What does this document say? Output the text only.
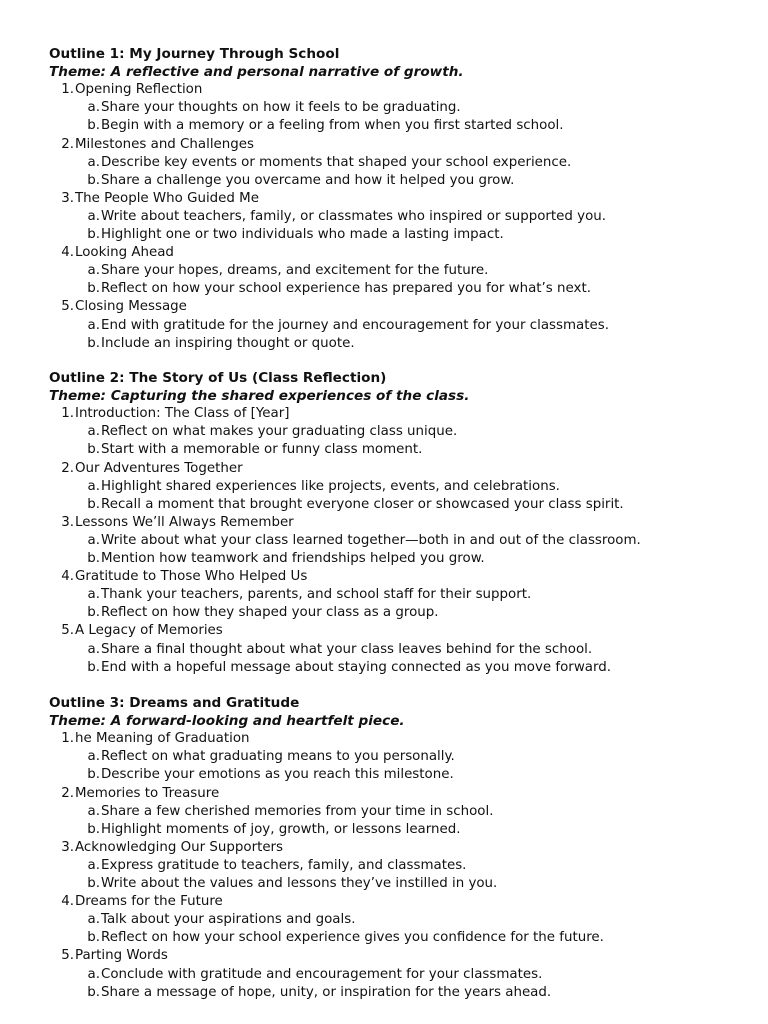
Outline 1: My Journey Through School
Theme: A reflective and personal narrative of growth.
1. Opening Reflection
a. Share your thoughts on how it feels to be graduating.
b. Begin with a memory or a feeling from when you first started school.
2. Milestones and Challenges
a. Describe key events or moments that shaped your school experience.
b. Share a challenge you overcame and how it helped you grow.
3. The People Who Guided Me
a. Write about teachers, family, or classmates who inspired or supported you.
b. Highlight one or two individuals who made a lasting impact.
4. Looking Ahead
a. Share your hopes, dreams, and excitement for the future.
b. Reflect on how your school experience has prepared you for what’s next.
5. Closing Message
a. End with gratitude for the journey and encouragement for your classmates.
b. Include an inspiring thought or quote.
Outline 2: The Story of Us (Class Reflection)
Theme: Capturing the shared experiences of the class.
1. Introduction: The Class of [Year]
a. Reflect on what makes your graduating class unique.
b. Start with a memorable or funny class moment.
2. Our Adventures Together
a. Highlight shared experiences like projects, events, and celebrations.
b. Recall a moment that brought everyone closer or showcased your class spirit.
3. Lessons We’ll Always Remember
a. Write about what your class learned together—both in and out of the classroom.
b. Mention how teamwork and friendships helped you grow.
4. Gratitude to Those Who Helped Us
a. Thank your teachers, parents, and school staff for their support.
b. Reflect on how they shaped your class as a group.
5. A Legacy of Memories
a. Share a final thought about what your class leaves behind for the school.
b. End with a hopeful message about staying connected as you move forward.
Outline 3: Dreams and Gratitude
Theme: A forward-looking and heartfelt piece.
1. he Meaning of Graduation
a. Reflect on what graduating means to you personally.
b. Describe your emotions as you reach this milestone.
2. Memories to Treasure
a. Share a few cherished memories from your time in school.
b. Highlight moments of joy, growth, or lessons learned.
3. Acknowledging Our Supporters
a. Express gratitude to teachers, family, and classmates.
b. Write about the values and lessons they’ve instilled in you.
4. Dreams for the Future
a. Talk about your aspirations and goals.
b. Reflect on how your school experience gives you confidence for the future.
5. Parting Words
a. Conclude with gratitude and encouragement for your classmates.
b. Share a message of hope, unity, or inspiration for the years ahead.
